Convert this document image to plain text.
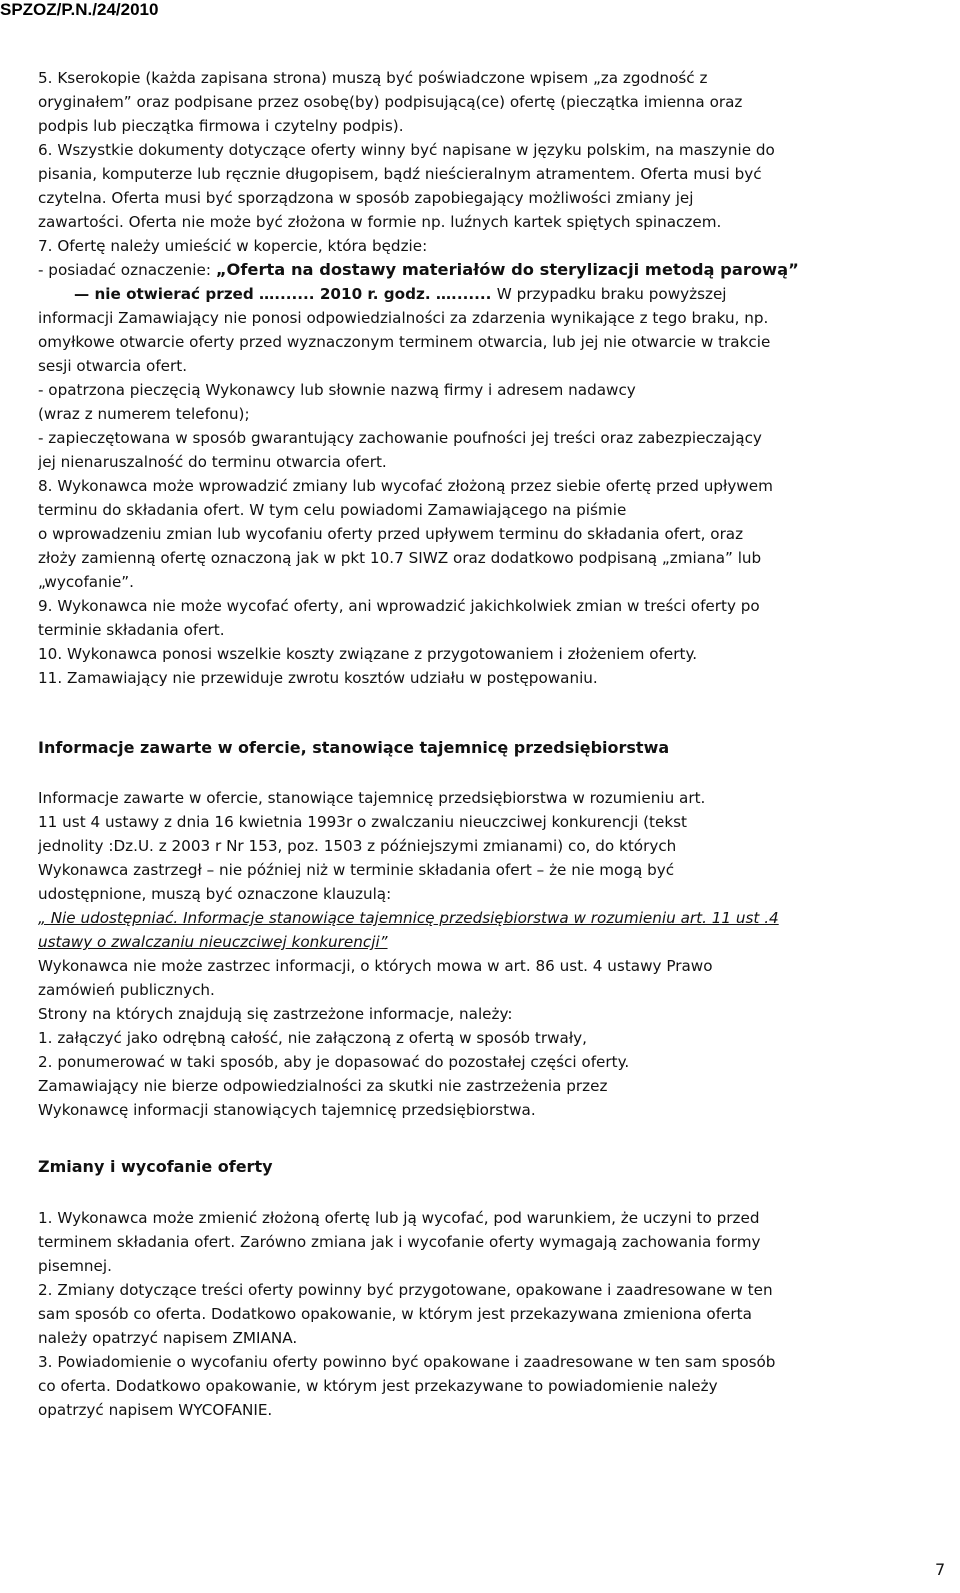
SPZOZ/P.N./24/2010
5. Kserokopie (każda zapisana strona) muszą być poświadczone wpisem „za zgodność z
oryginałem” oraz podpisane przez osobę(by) podpisującą(ce) ofertę (pieczątka imienna oraz
podpis lub pieczątka firmowa i czytelny podpis).
6. Wszystkie dokumenty dotyczące oferty winny być napisane w języku polskim, na maszynie do
pisania, komputerze lub ręcznie długopisem, bądź nieścieralnym atramentem. Oferta musi być
czytelna. Oferta musi być sporządzona w sposób zapobiegający możliwości zmiany jej
zawartości. Oferta nie może być złożona w formie np. luźnych kartek spiętych spinaczem.
7. Ofertę należy umieścić w kopercie, która będzie:
- posiadać oznaczenie: „Oferta na dostawy materiałów do sterylizacji metodą parową”
— nie otwierać przed …....... 2010 r. godz. …....... W przypadku braku powyższej
informacji Zamawiający nie ponosi odpowiedzialności za zdarzenia wynikające z tego braku, np.
omyłkowe otwarcie oferty przed wyznaczonym terminem otwarcia, lub jej nie otwarcie w trakcie
sesji otwarcia ofert.
- opatrzona pieczęcią Wykonawcy lub słownie nazwą firmy i adresem nadawcy
(wraz z numerem telefonu);
- zapieczętowana w sposób gwarantujący zachowanie poufności jej treści oraz zabezpieczający
jej nienaruszalność do terminu otwarcia ofert.
8. Wykonawca może wprowadzić zmiany lub wycofać złożoną przez siebie ofertę przed upływem
terminu do składania ofert. W tym celu powiadomi Zamawiającego na piśmie
o wprowadzeniu zmian lub wycofaniu oferty przed upływem terminu do składania ofert, oraz
złoży zamienną ofertę oznaczoną jak w pkt 10.7 SIWZ oraz dodatkowo podpisaną „zmiana” lub
„wycofanie”.
9. Wykonawca nie może wycofać oferty, ani wprowadzić jakichkolwiek zmian w treści oferty po
terminie składania ofert.
10. Wykonawca ponosi wszelkie koszty związane z przygotowaniem i złożeniem oferty.
11. Zamawiający nie przewiduje zwrotu kosztów udziału w postępowaniu.
Informacje zawarte w ofercie, stanowiące tajemnicę przedsiębiorstwa
Informacje zawarte w ofercie, stanowiące tajemnicę przedsiębiorstwa w rozumieniu art.
11 ust 4 ustawy z dnia 16 kwietnia 1993r o zwalczaniu nieuczciwej konkurencji (tekst
jednolity :Dz.U. z 2003 r Nr 153, poz. 1503 z późniejszymi zmianami) co, do których
Wykonawca zastrzegł – nie później niż w terminie składania ofert – że nie mogą być
udostępnione, muszą być oznaczone klauzulą:
„ Nie udostępniać. Informacje stanowiące tajemnicę przedsiębiorstwa w rozumieniu art. 11 ust .4
ustawy o zwalczaniu nieuczciwej konkurencji”
Wykonawca nie może zastrzec informacji, o których mowa w art. 86 ust. 4 ustawy Prawo
zamówień publicznych.
Strony na których znajdują się zastrzeżone informacje, należy:
1. załączyć jako odrębną całość, nie załączoną z ofertą w sposób trwały,
2. ponumerować w taki sposób, aby je dopasować do pozostałej części oferty.
Zamawiający nie bierze odpowiedzialności za skutki nie zastrzeżenia przez
Wykonawcę informacji stanowiących tajemnicę przedsiębiorstwa.
Zmiany i wycofanie oferty
1. Wykonawca może zmienić złożoną ofertę lub ją wycofać, pod warunkiem, że uczyni to przed
terminem składania ofert. Zarówno zmiana jak i wycofanie oferty wymagają zachowania formy
pisemnej.
2. Zmiany dotyczące treści oferty powinny być przygotowane, opakowane i zaadresowane w ten
sam sposób co oferta. Dodatkowo opakowanie, w którym jest przekazywana zmieniona oferta
należy opatrzyć napisem ZMIANA.
3. Powiadomienie o wycofaniu oferty powinno być opakowane i zaadresowane w ten sam sposób
co oferta. Dodatkowo opakowanie, w którym jest przekazywane to powiadomienie należy
opatrzyć napisem WYCOFANIE.
7
